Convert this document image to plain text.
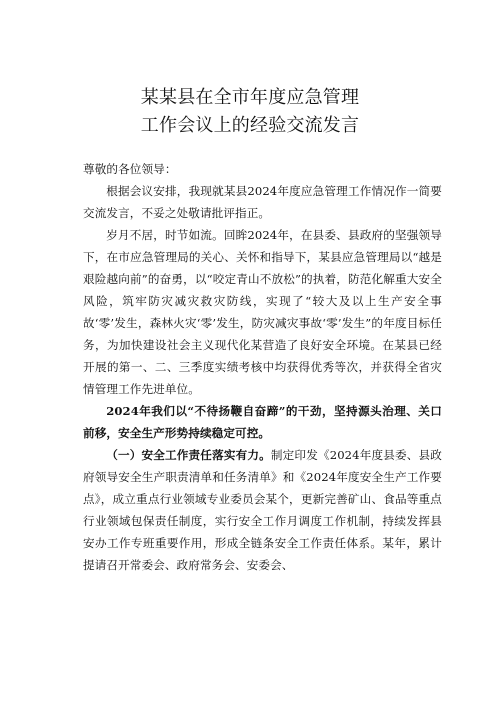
某某县在全市年度应急管理
工作会议上的经验交流发言

尊敬的各位领导：

根据会议安排，我现就某县2024年度应急管理工作情况作一简要交流发言，不妥之处敬请批评指正。

岁月不居，时节如流。回眸2024年，在县委、县政府的坚强领导下，在市应急管理局的关心、关怀和指导下，某县应急管理局以“越是艰险越向前”的奋勇，以“咬定青山不放松”的执着，防范化解重大安全风险，筑牢防灾减灾救灾防线，实现了“较大及以上生产安全事故‘零’发生，森林火灾‘零’发生，防灾减灾事故‘零’发生”的年度目标任务，为加快建设社会主义现代化某营造了良好安全环境。在某县已经开展的第一、二、三季度实绩考核中均获得优秀等次，并获得全省灾情管理工作先进单位。

2024年我们以“不待扬鞭自奋蹄”的干劲，坚持源头治理、关口前移，安全生产形势持续稳定可控。

（一）安全工作责任落实有力。制定印发《2024年度县委、县政府领导安全生产职责清单和任务清单》和《2024年度安全生产工作要点》，成立重点行业领域专业委员会某个，更新完善矿山、食品等重点行业领域包保责任制度，实行安全工作月调度工作机制，持续发挥县安办工作专班重要作用，形成全链条安全工作责任体系。某年，累计提请召开常委会、政府常务会、安委会、
